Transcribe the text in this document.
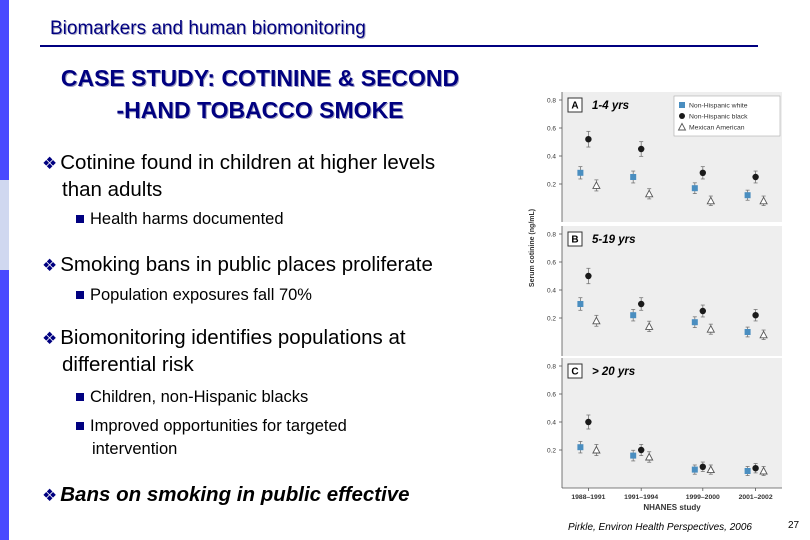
Biomarkers and human biomonitoring
CASE STUDY: COTININE & SECOND
-HAND TOBACCO SMOKE
❖ Cotinine found in children at higher levels
than adults
Health harms documented
❖ Smoking bans in public places proliferate
Population exposures fall 70%
❖ Biomonitoring identifies populations at
differential risk
Children, non-Hispanic blacks
Improved opportunities for targeted
intervention
❖ Bans on smoking in public effective
Serum cotinine (ng/mL)
0.2
0.4
0.6
0.8 A 1-4 yrs	Non-Hispanic white
Non-Hispanic black
Mexican American
0.2
0.4
0.6
0.8 B 5-19 yrs
0.2
0.4
0.6
0.8 C > 20 yrs
1988–1991	1991–1994	1999–2000	2001–2002
NHANES study
Pirkle, Environ Health Perspectives, 2006	27
